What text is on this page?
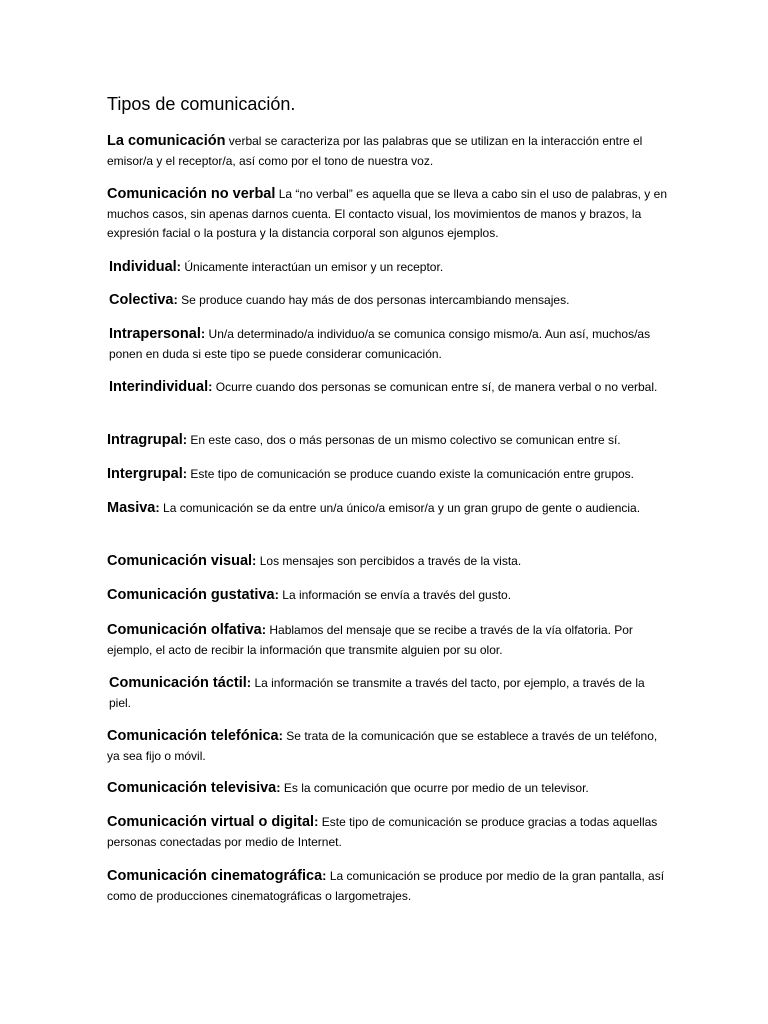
Tipos de comunicación.

La comunicación verbal se caracteriza por las palabras que se utilizan en la interacción entre el emisor/a y el receptor/a, así como por el tono de nuestra voz.

Comunicación no verbal La “no verbal” es aquella que se lleva a cabo sin el uso de palabras, y en muchos casos, sin apenas darnos cuenta. El contacto visual, los movimientos de manos y brazos, la expresión facial o la postura y la distancia corporal son algunos ejemplos.

Individual: Únicamente interactúan un emisor y un receptor.

Colectiva: Se produce cuando hay más de dos personas intercambiando mensajes.

Intrapersonal: Un/a determinado/a individuo/a se comunica consigo mismo/a. Aun así, muchos/as ponen en duda si este tipo se puede considerar comunicación.

Interindividual: Ocurre cuando dos personas se comunican entre sí, de manera verbal o no verbal.

Intragrupal: En este caso, dos o más personas de un mismo colectivo se comunican entre sí.

Intergrupal: Este tipo de comunicación se produce cuando existe la comunicación entre grupos.

Masiva: La comunicación se da entre un/a único/a emisor/a y un gran grupo de gente o audiencia.

Comunicación visual: Los mensajes son percibidos a través de la vista.

Comunicación gustativa: La información se envía a través del gusto.

Comunicación olfativa: Hablamos del mensaje que se recibe a través de la vía olfatoria. Por ejemplo, el acto de recibir la información que transmite alguien por su olor.

Comunicación táctil: La información se transmite a través del tacto, por ejemplo, a través de la piel.

Comunicación telefónica: Se trata de la comunicación que se establece a través de un teléfono, ya sea fijo o móvil.

Comunicación televisiva: Es la comunicación que ocurre por medio de un televisor.

Comunicación virtual o digital: Este tipo de comunicación se produce gracias a todas aquellas personas conectadas por medio de Internet.

Comunicación cinematográfica: La comunicación se produce por medio de la gran pantalla, así como de producciones cinematográficas o largometrajes.
